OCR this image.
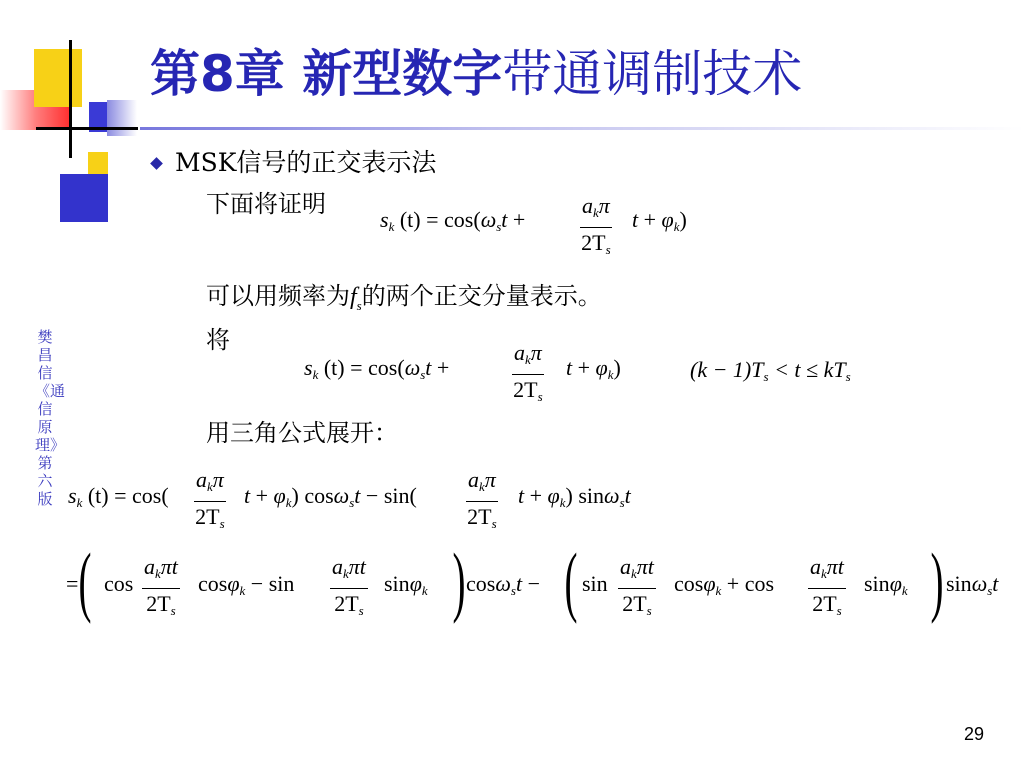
第8章 新型数字带通调制技术
樊昌信《通信原理》第六版
MSK信号的正交表示法
下面将证明
$s_k$ $(t) = \cos(\omega_st$ +
$a_k\pi$
$2T_s$
$t + \varphi_k$)
可以用频率为$f_s$的两个正交分量表示。
将
$s_k$ $(t) = \cos(\omega_st$ +
$a_k\pi$
$2T_s$
$t + \varphi_k$)	$(k - 1)T_s < t \le kT_s$
用三角公式展开：
$s_k$ (t) = cos(
$a_k\pi$
$2T_s$
$t + \varphi_k$) cosω$_s$t − sin(
$a_k\pi$
$2T_s$
$t + \varphi_k$) sinω$_s$t
= ( cos
$a_k\pi t$
$2T_s$
cosφ$_k$ − sin
$a_k\pi t$
$2T_s$
sinφ$_k$ ) cosω$_s$t − ( sin
$a_k\pi t$
$2T_s$
cosφ$_k$ + cos
$a_k\pi t$
$2T_s$
sinφ$_k$ ) sinω$_s$t
29
